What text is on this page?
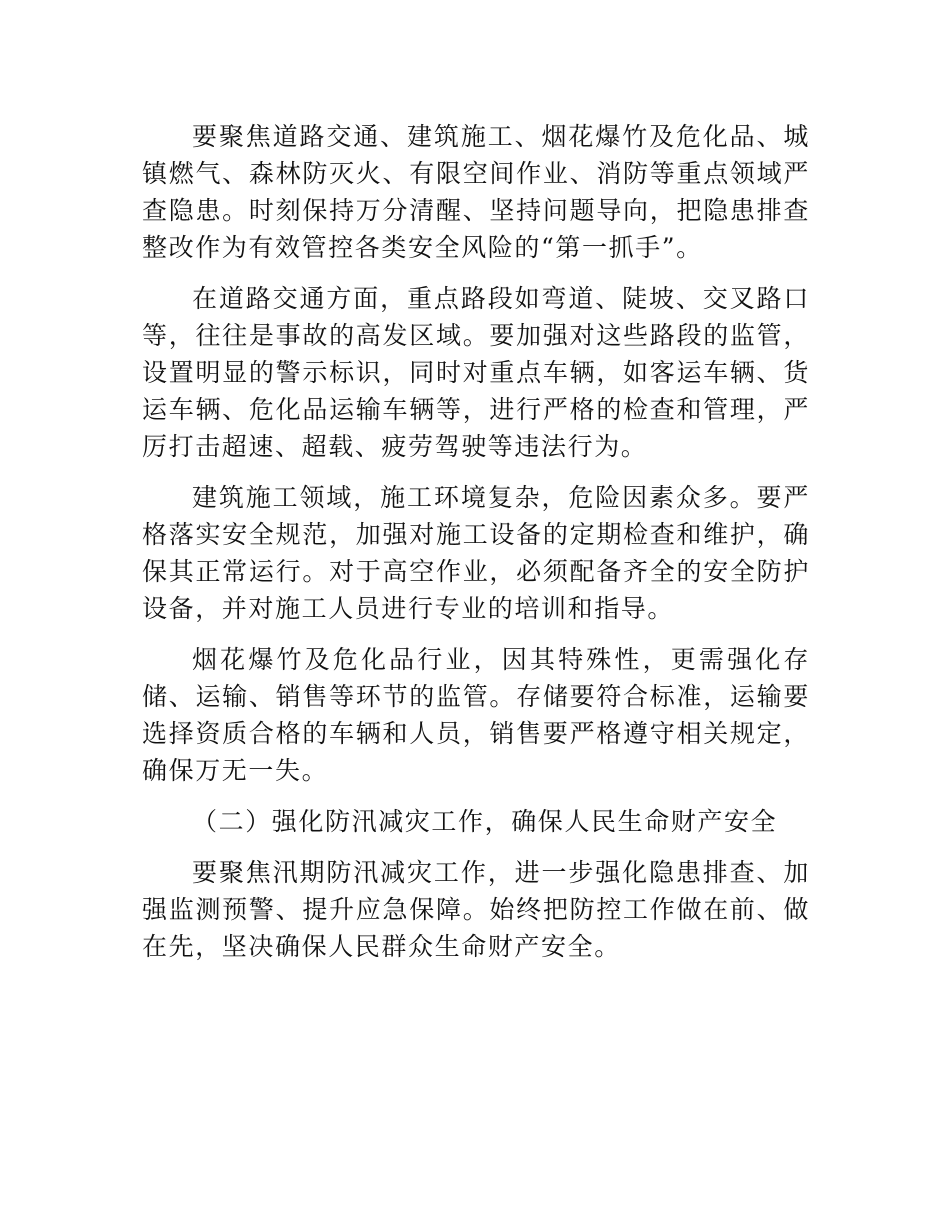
要聚焦道路交通、建筑施工、烟花爆竹及危化品、城镇燃气、森林防灭火、有限空间作业、消防等重点领域严查隐患。时刻保持万分清醒、坚持问题导向，把隐患排查整改作为有效管控各类安全风险的“第一抓手”。

在道路交通方面，重点路段如弯道、陡坡、交叉路口等，往往是事故的高发区域。要加强对这些路段的监管，设置明显的警示标识，同时对重点车辆，如客运车辆、货运车辆、危化品运输车辆等，进行严格的检查和管理，严厉打击超速、超载、疲劳驾驶等违法行为。

建筑施工领域，施工环境复杂，危险因素众多。要严格落实安全规范，加强对施工设备的定期检查和维护，确保其正常运行。对于高空作业，必须配备齐全的安全防护设备，并对施工人员进行专业的培训和指导。

烟花爆竹及危化品行业，因其特殊性，更需强化存储、运输、销售等环节的监管。存储要符合标准，运输要选择资质合格的车辆和人员，销售要严格遵守相关规定，确保万无一失。

（二）强化防汛减灾工作，确保人民生命财产安全

要聚焦汛期防汛减灾工作，进一步强化隐患排查、加强监测预警、提升应急保障。始终把防控工作做在前、做在先，坚决确保人民群众生命财产安全。
